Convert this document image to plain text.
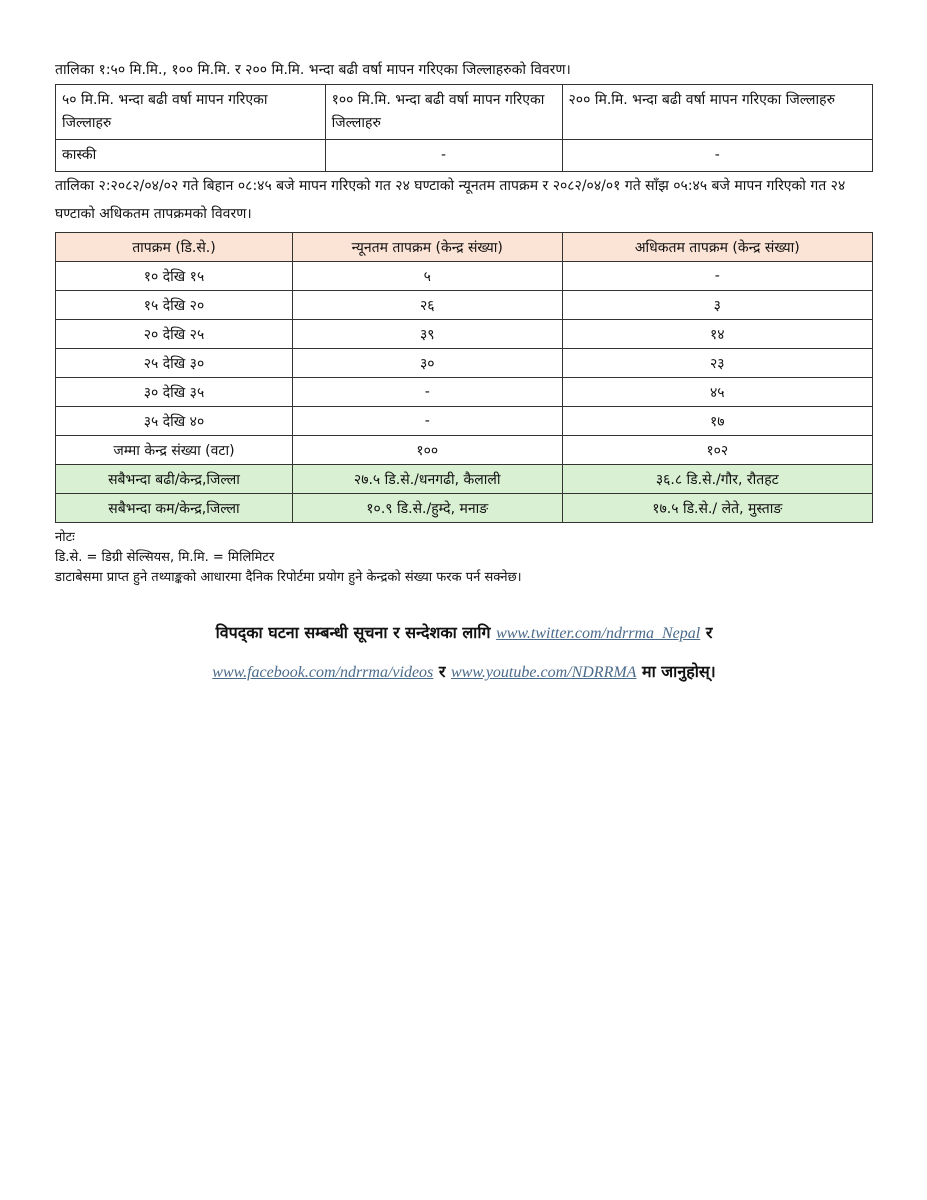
तालिका १:५० मि.मि., १०० मि.मि. र २०० मि.मि. भन्दा बढी वर्षा मापन गरिएका जिल्लाहरुको विवरण।

५० मि.मि. भन्दा बढी वर्षा मापन गरिएका जिल्लाहरु	१०० मि.मि. भन्दा बढी वर्षा मापन गरिएका जिल्लाहरु	२०० मि.मि. भन्दा बढी वर्षा मापन गरिएका जिल्लाहरु
कास्की	-	-

तालिका २:२०८२/०४/०२ गते बिहान ०८:४५ बजे मापन गरिएको गत २४ घण्टाको न्यूनतम तापक्रम र २०८२/०४/०१ गते साँझ ०५:४५ बजे मापन गरिएको गत २४ घण्टाको अधिकतम तापक्रमको विवरण।

तापक्रम (डि.से.)	न्यूनतम तापक्रम (केन्द्र संख्या)	अधिकतम तापक्रम (केन्द्र संख्या)
१० देखि १५	५	-
१५ देखि २०	२६	३
२० देखि २५	३९	१४
२५ देखि ३०	३०	२३
३० देखि ३५	-	४५
३५ देखि ४०	-	१७
जम्मा केन्द्र संख्या (वटा)	१००	१०२
सबैभन्दा बढी/केन्द्र,जिल्ला	२७.५ डि.से./धनगढी, कैलाली	३६.८ डि.से./गौर, रौतहट
सबैभन्दा कम/केन्द्र,जिल्ला	१०.९ डि.से./हुम्दे, मनाङ	१७.५ डि.से./ लेते, मुस्ताङ
नोटः
डि.से. = डिग्री सेल्सियस, मि.मि. = मिलिमिटर
डाटाबेसमा प्राप्त हुने तथ्याङ्कको आधारमा दैनिक रिपोर्टमा प्रयोग हुने केन्द्रको संख्या फरक पर्न सक्नेछ।
विपद्का घटना सम्बन्धी सूचना र सन्देशका लागि www.twitter.com/ndrrma_Nepal र
www.facebook.com/ndrrma/videos र www.youtube.com/NDRRMA मा जानुहोस्।
